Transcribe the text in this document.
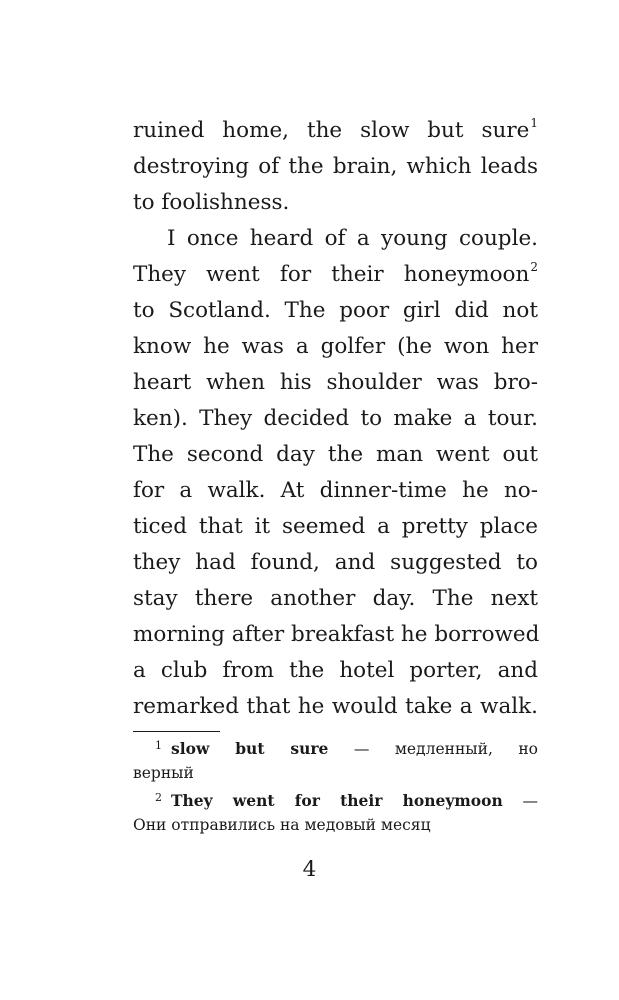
ruined home, the slow but sure$^1$
destroying of the brain, which leads
to foolishness.
I once heard of a young couple.
They went for their honeymoon$^2$
to Scotland. The poor girl did not
know he was a golfer (he won her
heart when his shoulder was bro-
ken). They decided to make a tour.
The second day the man went out
for a walk. At dinner-time he no-
ticed that it seemed a pretty place
they had found, and suggested to
stay there another day. The next
morning after breakfast he borrowed
a club from the hotel porter, and
remarked that he would take a walk.
$^1$ slow but sure — медленный, но
верный
$^2$ They went for their honeymoon —
Они отправились на медовый месяц
4
